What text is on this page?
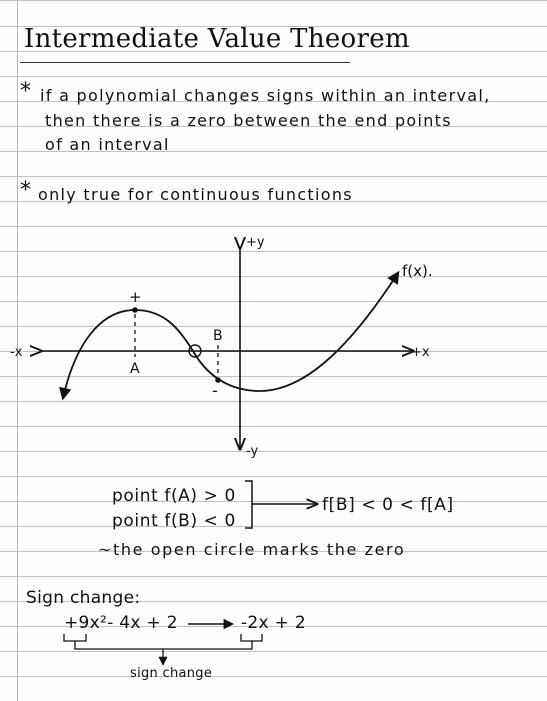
Intermediate Value Theorem
* if a polynomial changes signs within an interval,
then there is a zero between the end points
of an interval
* only true for continuous functions
+y
-y
-x	+x
f(x).
+
A
B
-
point f(A) > 0
point f(B) < 0
f[B] < 0 < f[A]
~the open circle marks the zero
Sign change:
+9x²- 4x + 2	-2x + 2
sign change
